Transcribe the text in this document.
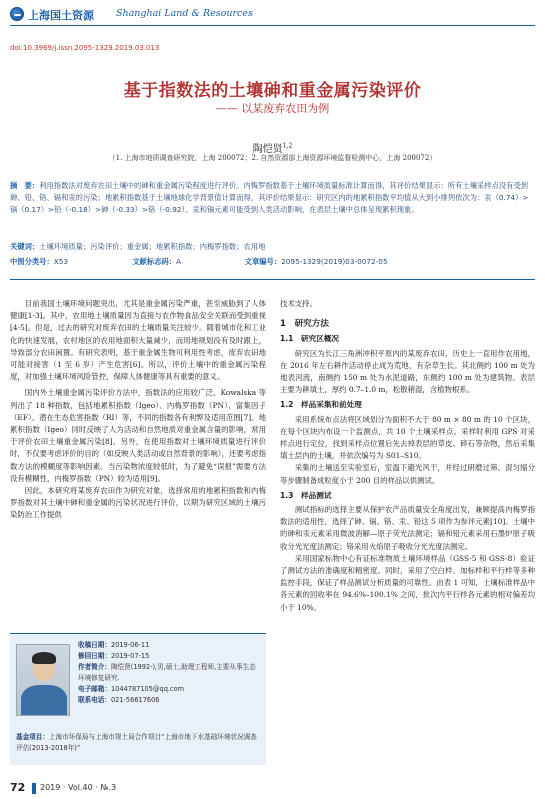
上海国土资源 Shanghai Land & Resources
doi:10.3969/j.issn.2095-1329.2019.03.013
基于指数法的土壤砷和重金属污染评价
—— 以某废弃农田为例
陶恺贤$^{1,2}$
（1. 上海市地质调查研究院，上海 200072；2. 自然资源部上海资源环境监督检测中心，上海 200072）
摘　要：利用指数法对废弃农田土壤中的砷和重金属污染程度进行评价。内梅罗指数基于土壤环境质量标准计算而得，其评价结果显示：所有土壤采样点没有受到砷、铅、铬、镉和汞的污染；地累积指数基于土壤地球化学背景值计算而得，其评价结果显示：研究区内的地累积指数平均值从大到小排列依次为：汞（0.74）>镉（0.17）>铅（-0.18）>砷（-0.33）>铬（-0.92）。汞和镉元素可能受到人类活动影响，在表层土壤中总体呈现累积现象。
关键词：土壤环境质量；污染评价；重金属；地累积指数；内梅罗指数；农用地
中图分类号：X53	文献标志码：A	文章编号：2095-1329(2019)03-0072-05

目前我国土壤环境问题突出，尤其是重金属污染严重，甚至威胁到了人体健康[1-3]。其中，农用地土壤质量因为直接与农作物食品安全关联而受到重视[4-5]。但是，过去的研究对废弃农田的土壤质量关注较少。随着城市化和工业化的快速发展，农村地区的农用地面积大量减少，而用地规划没有及时跟上，导致部分农田闲置。有研究表明，基于重金属生物可利用性考虑，废弃农田地可能对接害（1 至 6 岁）产生危害[6]。所以，评价土壤中的重金属污染程度，对加强土壤环境风险管控，保障人体健康等具有重要的意义。

国内外土壤重金属污染评价方法中，指数法的应用较广泛，Kowalska 等列出了 18 种指数，包括地累积指数（Igeo）、内梅罗指数（PN）、富集因子（EF）、潜在生态危害指数（RI）等，不同的指数各有利弊及适用范围[7]。地累积指数（Igeo）同时反映了人为活动和自然地质对重金属含量的影响，常用于评价农田土壤重金属污染[8]。另外，在使用指数对土壤环境质量进行评价时，不仅要考虑评价的目的（如反映人类活动或自然背景的影响），还要考虑指数方法的模糊度等影响因素。当污染物浓度较低时，为了避免“误报”需要方法没有模糊性，内梅罗指数（PN）较为适用[9]。

因此，本研究将某废弃农田作为研究对象，选择常用的地累积指数和内梅罗指数对其土壤中砷和重金属的污染状况进行评价，以期为研究区域的土壤污染防治工作提供

收稿日期：2019-06-11
修回日期：2019-07-15
作者简介：陶恺贤(1992-),男,硕士,助理工程师,主要从事生态环境修复研究.
电子邮箱：1044787105@qq.com
联系电话：021-56617606
基金项目：上海市环保局与上海市规土局合作项目“上海市地下水基础环境状况调查评估(2013-2018年)”
技术支持。
1　研究方法
1.1　研究区概况

研究区为长江三角洲冲积平原内的某废弃农田，历史上一直用作农用地，在 2016 年左右耕作活动停止成为荒地，有杂草生长。其北侧约 100 m 处为地表河流，南侧约 150 m 处为水泥道路，东侧约 100 m 处为建筑物。表层主要为耕填土，厚约 0.7–1.0 m，松散稍湿，含植物根系。

1.2　样品采集和前处理

采用系统布点法将区域划分为面积不大于 80 m × 80 m 的 10 个区块，在每个区块内布设一个监测点，共 10 个土壤采样点。采样时利用 GPS 对采样点进行定位，找到采样点位置后先去掉表层的草皮、碎石等杂物，然后采集填土层内的土壤，并依次编号为 S01–S10。

采集的土壤送至实验室后，室温下避光风干，并经过研磨过筛、混匀缩分等步骤制备成粒度小于 200 目的样品以供测试。

1.3　样品测试

测试指标的选择主要从保护农产品质量安全角度出发，兼顾提高内梅罗指数法的适用性，选择了砷、镉、铬、汞、铅这 5 项作为参评元素[10]。土壤中的砷和汞元素采用微波消解—原子荧光法测定；镉和铅元素采用石墨炉原子吸收分光光度法测定；铬采用火焰原子吸收分光光度法测定。

采用国家标物中心有证标准物质土壤环境样品（GSS-5 和 GSS-8）验证了测试方法的准确度和精密度。同时，采用了空白样、加标样和平行样等多种监控手段，保证了样品测试分析质量的可靠性。由表 1 可知，土壤标准样品中各元素的回收率在 94.6%–100.1% 之间，批次内平行样各元素的相对偏差均小于 10%。

72 2019 · Vol.40 · №.3
